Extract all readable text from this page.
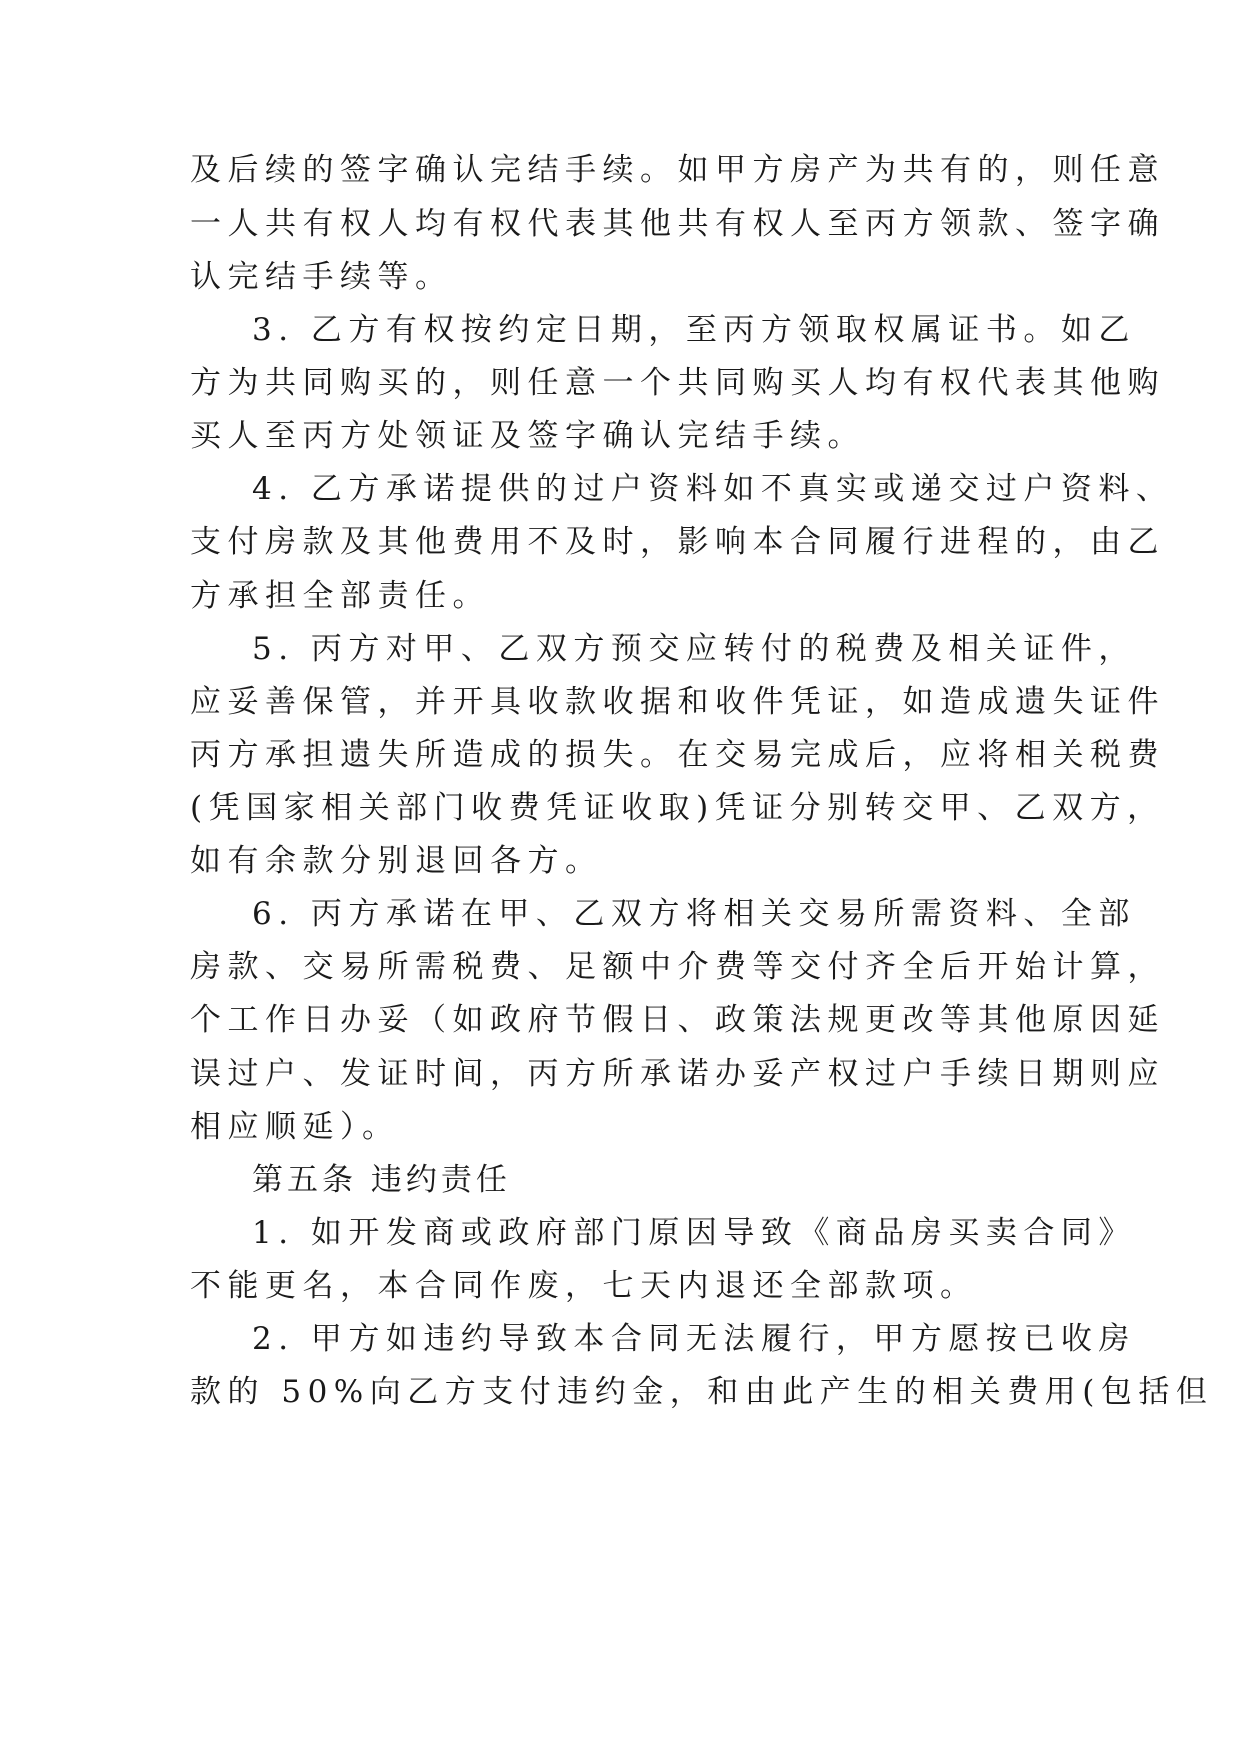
及后续的签字确认完结手续。如甲方房产为共有的，则任意
一人共有权人均有权代表其他共有权人至丙方领款、签字确
认完结手续等。
3. 乙方有权按约定日期，至丙方领取权属证书。如乙
方为共同购买的，则任意一个共同购买人均有权代表其他购
买人至丙方处领证及签字确认完结手续。
4. 乙方承诺提供的过户资料如不真实或递交过户资料、
支付房款及其他费用不及时，影响本合同履行进程的，由乙
方承担全部责任。
5. 丙方对甲、乙双方预交应转付的税费及相关证件，
应妥善保管，并开具收款收据和收件凭证，如造成遗失证件
丙方承担遗失所造成的损失。在交易完成后，应将相关税费
(凭国家相关部门收费凭证收取)凭证分别转交甲、乙双方，
如有余款分别退回各方。
6. 丙方承诺在甲、乙双方将相关交易所需资料、全部
房款、交易所需税费、足额中介费等交付齐全后开始计算，
个工作日办妥（如政府节假日、政策法规更改等其他原因延
误过户、发证时间，丙方所承诺办妥产权过户手续日期则应
相应顺延）。
第五条 违约责任
1. 如开发商或政府部门原因导致《商品房买卖合同》
不能更名，本合同作废，七天内退还全部款项。
2. 甲方如违约导致本合同无法履行，甲方愿按已收房
款的 50%向乙方支付违约金，和由此产生的相关费用(包括但
